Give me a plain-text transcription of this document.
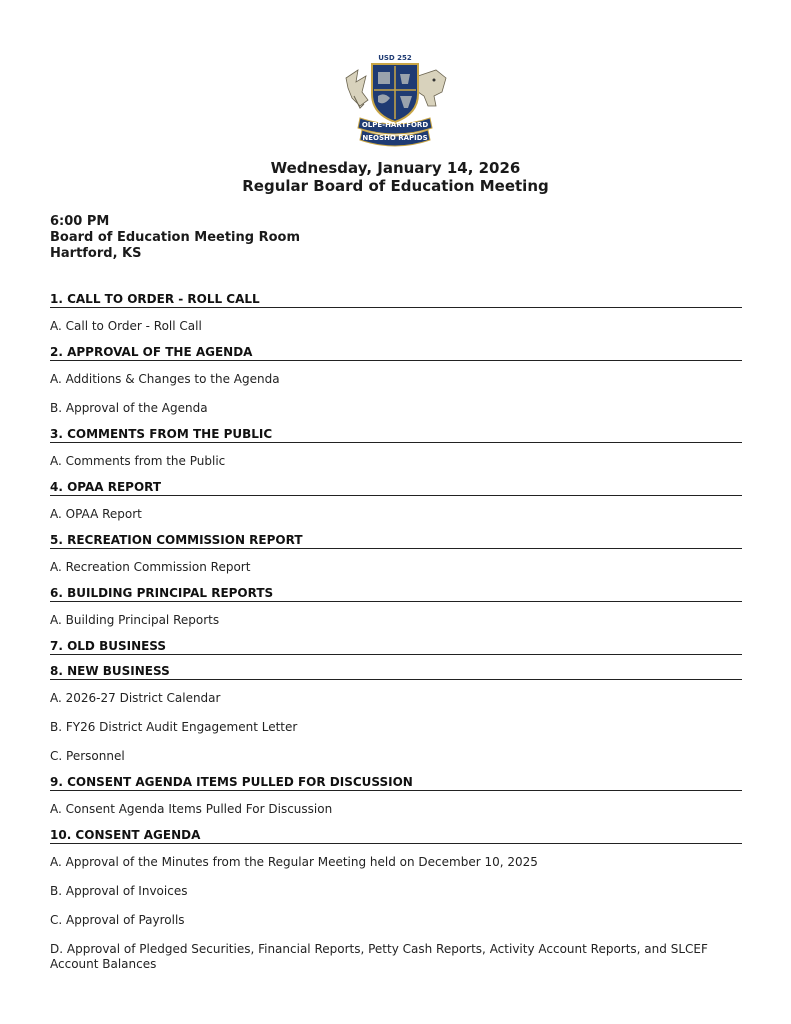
USD 252
OLPE-HARTFORD
NEOSHO RAPIDS
Wednesday, January 14, 2026
Regular Board of Education Meeting
6:00 PM
Board of Education Meeting Room
Hartford, KS
1. CALL TO ORDER - ROLL CALL
A. Call to Order - Roll Call
2. APPROVAL OF THE AGENDA
A. Additions & Changes to the Agenda
B. Approval of the Agenda
3. COMMENTS FROM THE PUBLIC
A. Comments from the Public
4. OPAA REPORT
A. OPAA Report
5. RECREATION COMMISSION REPORT
A. Recreation Commission Report
6. BUILDING PRINCIPAL REPORTS
A. Building Principal Reports
7. OLD BUSINESS
8. NEW BUSINESS
A. 2026-27 District Calendar
B. FY26 District Audit Engagement Letter
C. Personnel
9. CONSENT AGENDA ITEMS PULLED FOR DISCUSSION
A. Consent Agenda Items Pulled For Discussion
10. CONSENT AGENDA
A. Approval of the Minutes from the Regular Meeting held on December 10, 2025
B. Approval of Invoices
C. Approval of Payrolls
D. Approval of Pledged Securities, Financial Reports, Petty Cash Reports, Activity Account Reports, and SLCEF Account Balances
